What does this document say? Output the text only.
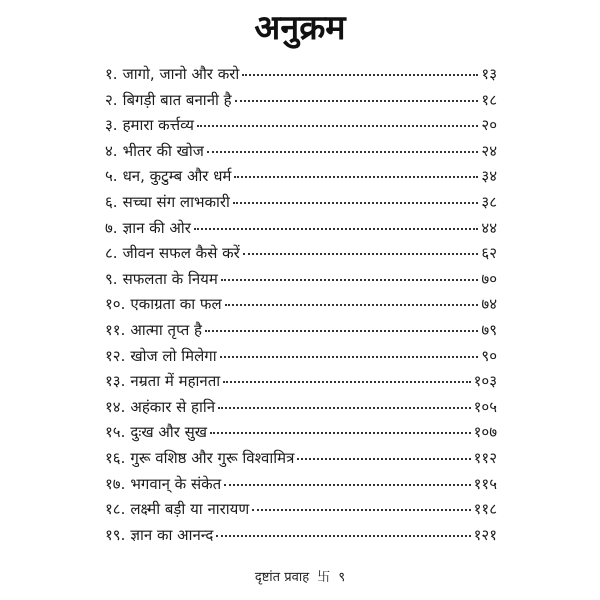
अनुक्रम
१. जागो, जानो और करो	१३
२. बिगड़ी बात बनानी है	१८
३. हमारा कर्त्तव्य	२०
४. भीतर की खोज	२४
५. धन, कुटुम्ब और धर्म	३४
६. सच्चा संग लाभकारी	३८
७. ज्ञान की ओर	४४
८. जीवन सफल कैसे करें	६२
९. सफलता के नियम	७०
१०. एकाग्रता का फल	७४
११. आत्मा तृप्त है	७९
१२. खोज लो मिलेगा	९०
१३. नम्रता में महानता	१०३
१४. अहंकार से हानि	१०५
१५. दुःख और सुख	१०७
१६. गुरू वशिष्ठ और गुरू विश्वामित्र	११२
१७. भगवान् के संकेत	११५
१८. लक्ष्मी बड़ी या नारायण	११८
१९. ज्ञान का आनन्द	१२१
दृष्टांत प्रवाह 卐 ९
